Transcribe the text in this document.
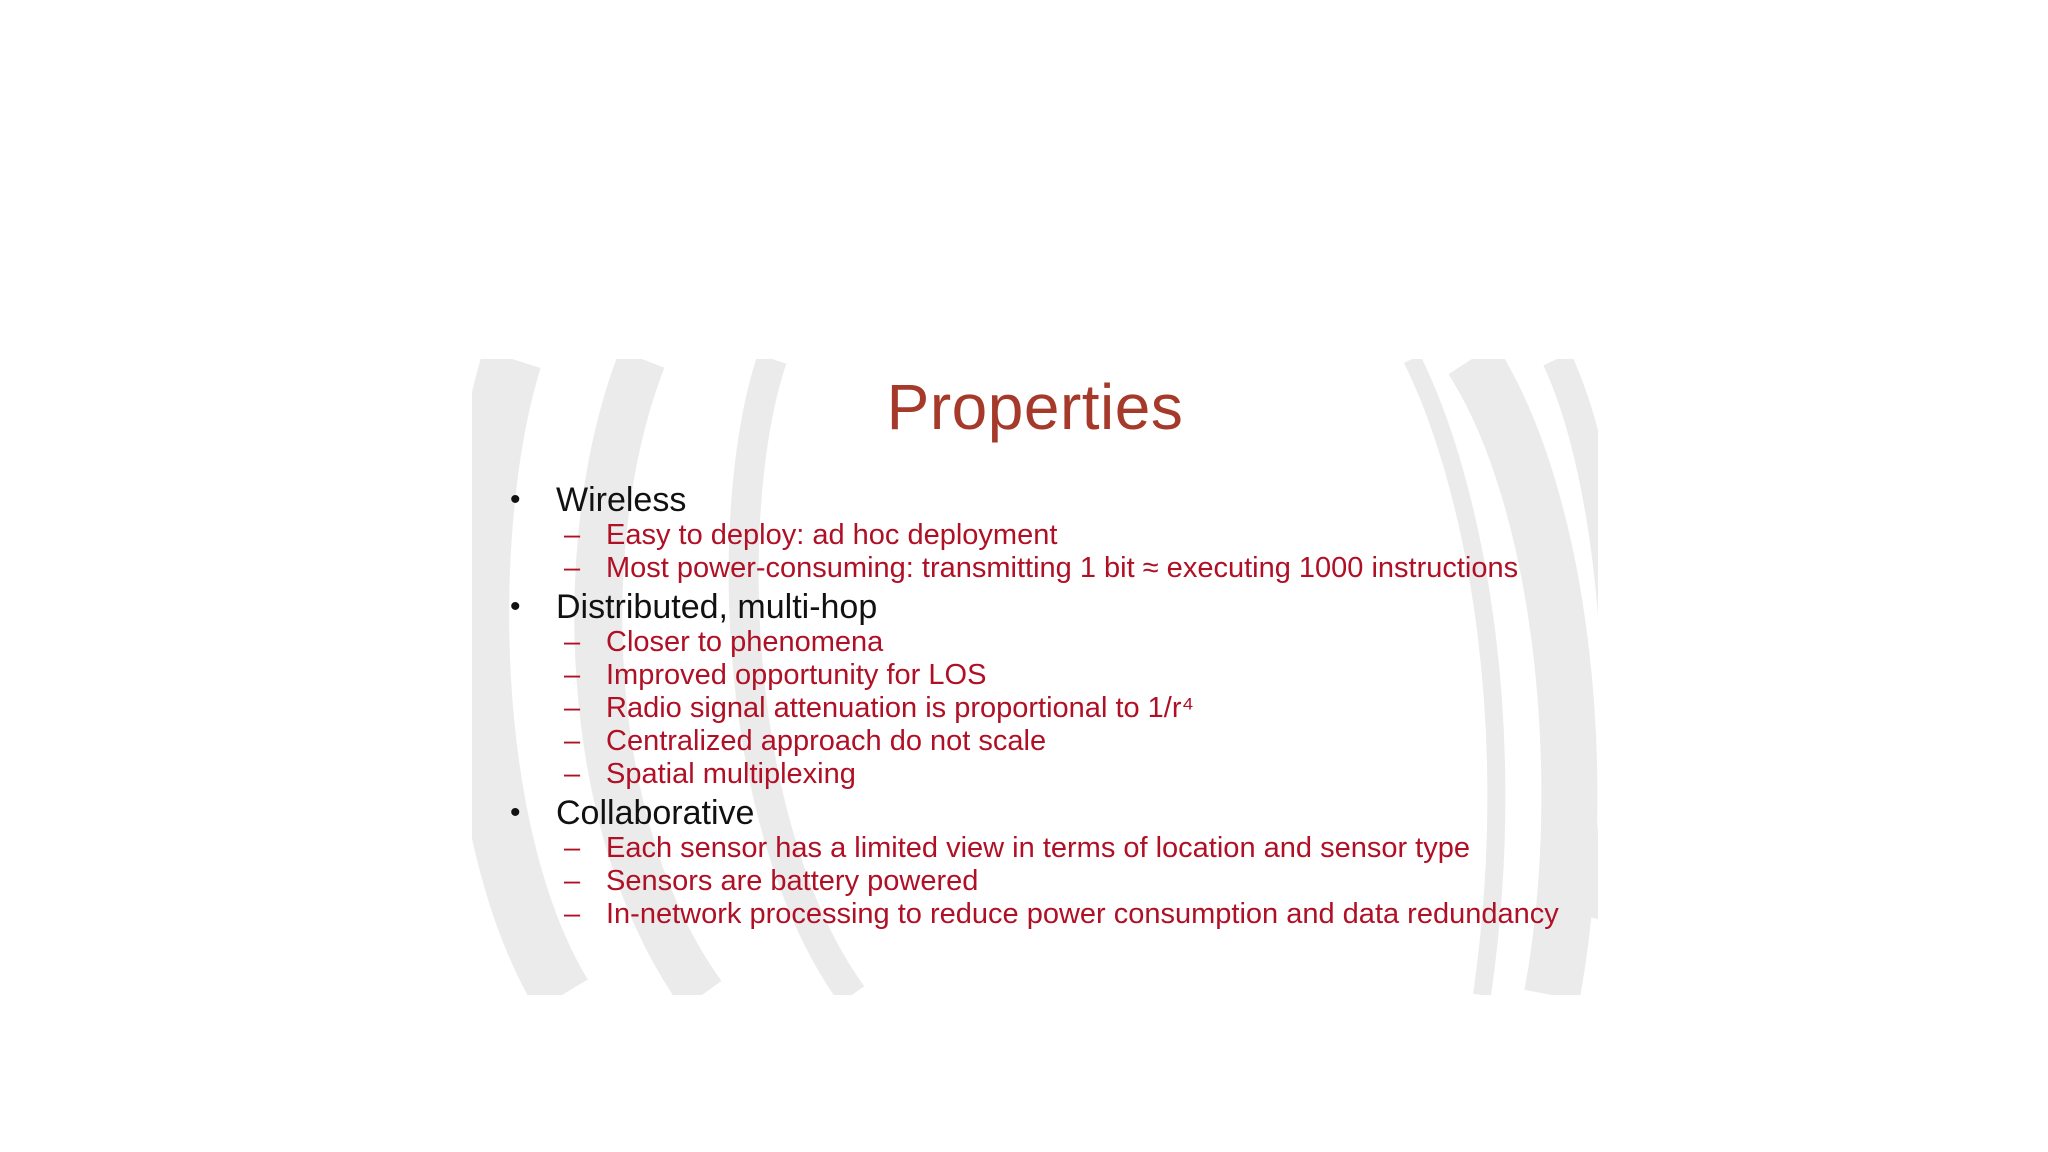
Properties
• Wireless
– Easy to deploy: ad hoc deployment
– Most power-consuming: transmitting 1 bit ≈ executing 1000 instructions
• Distributed, multi-hop
– Closer to phenomena
– Improved opportunity for LOS
– Radio signal attenuation is proportional to 1/r⁴
– Centralized approach do not scale
– Spatial multiplexing
• Collaborative
– Each sensor has a limited view in terms of location and sensor type
– Sensors are battery powered
– In-network processing to reduce power consumption and data redundancy
